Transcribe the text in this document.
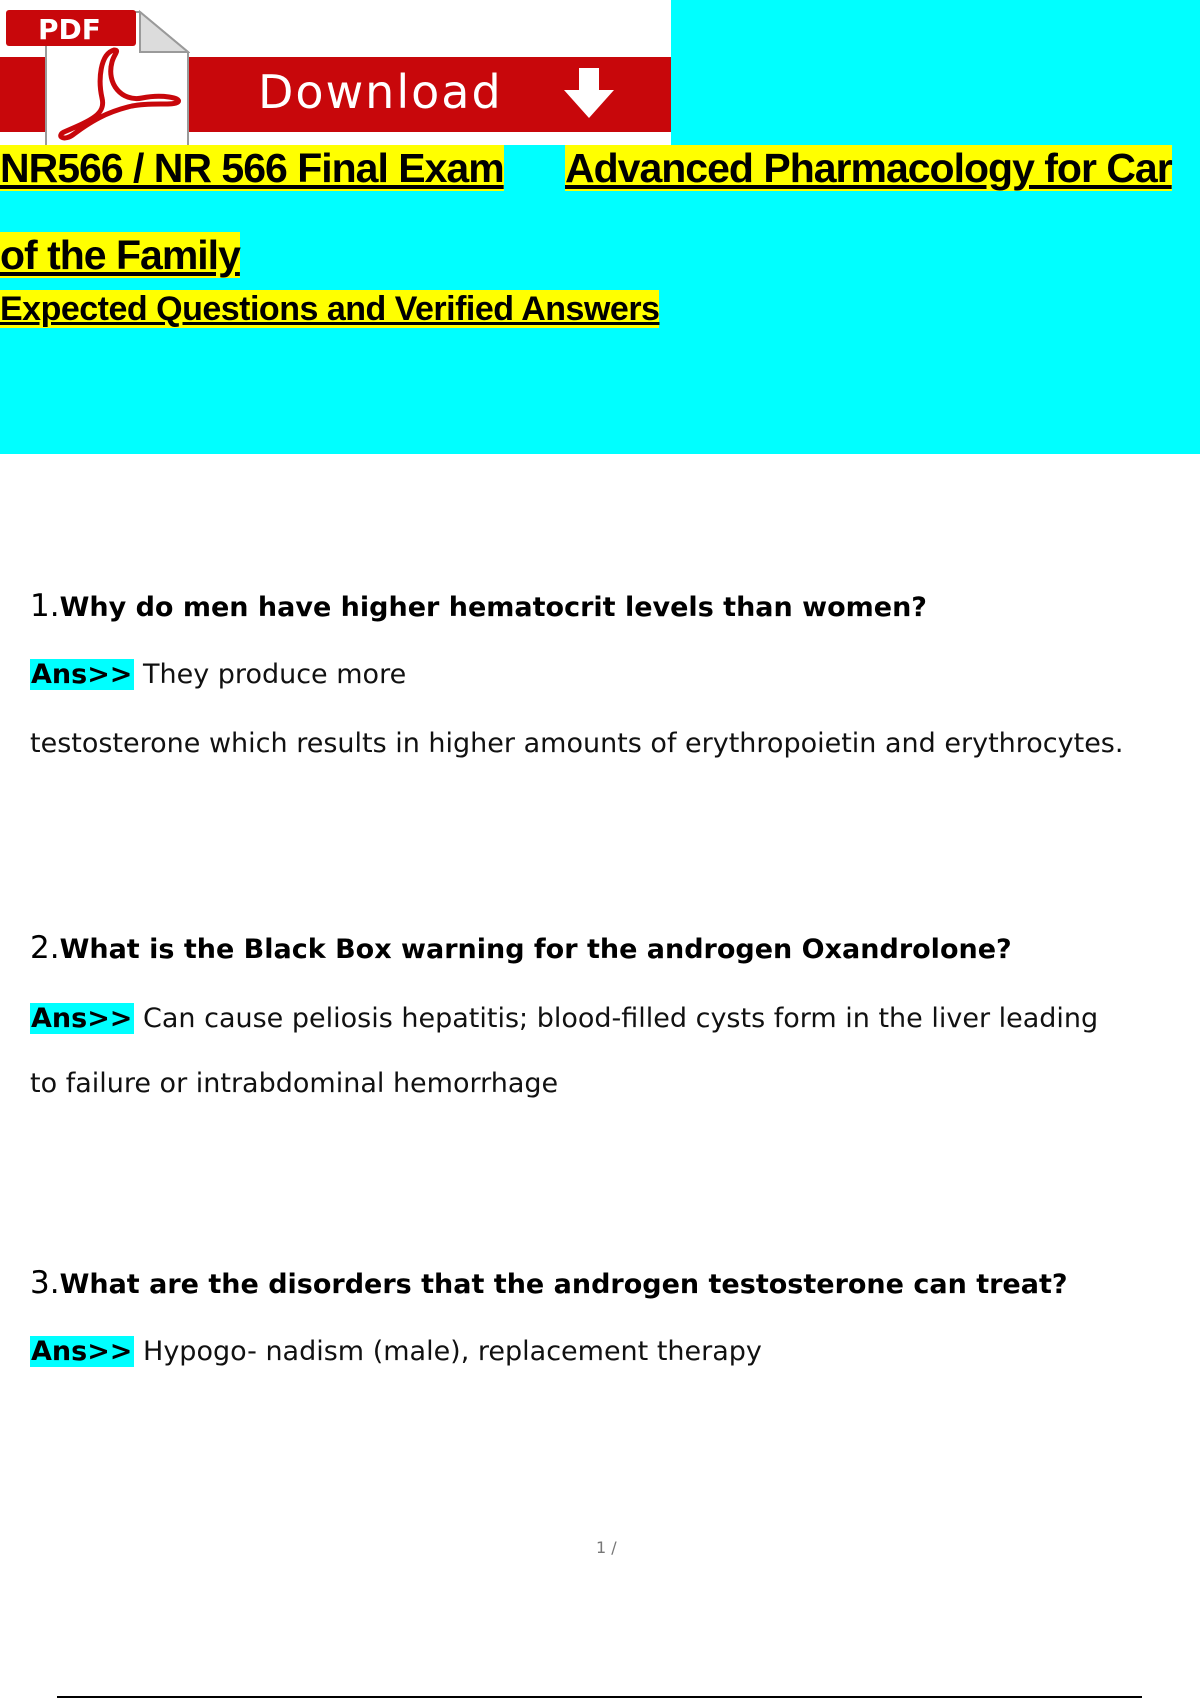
Download
PDF
NR566 / NR 566 Final Exam Advanced Pharmacology for Car
of the Family
Expected Questions and Verified Answers
1.Why do men have higher hematocrit levels than women?
Ans>> They produce more
testosterone which results in higher amounts of erythropoietin and erythrocytes.
2.What is the Black Box warning for the androgen Oxandrolone?
Ans>> Can cause peliosis hepatitis; blood-filled cysts form in the liver leading
to failure or intrabdominal hemorrhage
3.What are the disorders that the androgen testosterone can treat?
Ans>> Hypogo- nadism (male), replacement therapy
1 /
